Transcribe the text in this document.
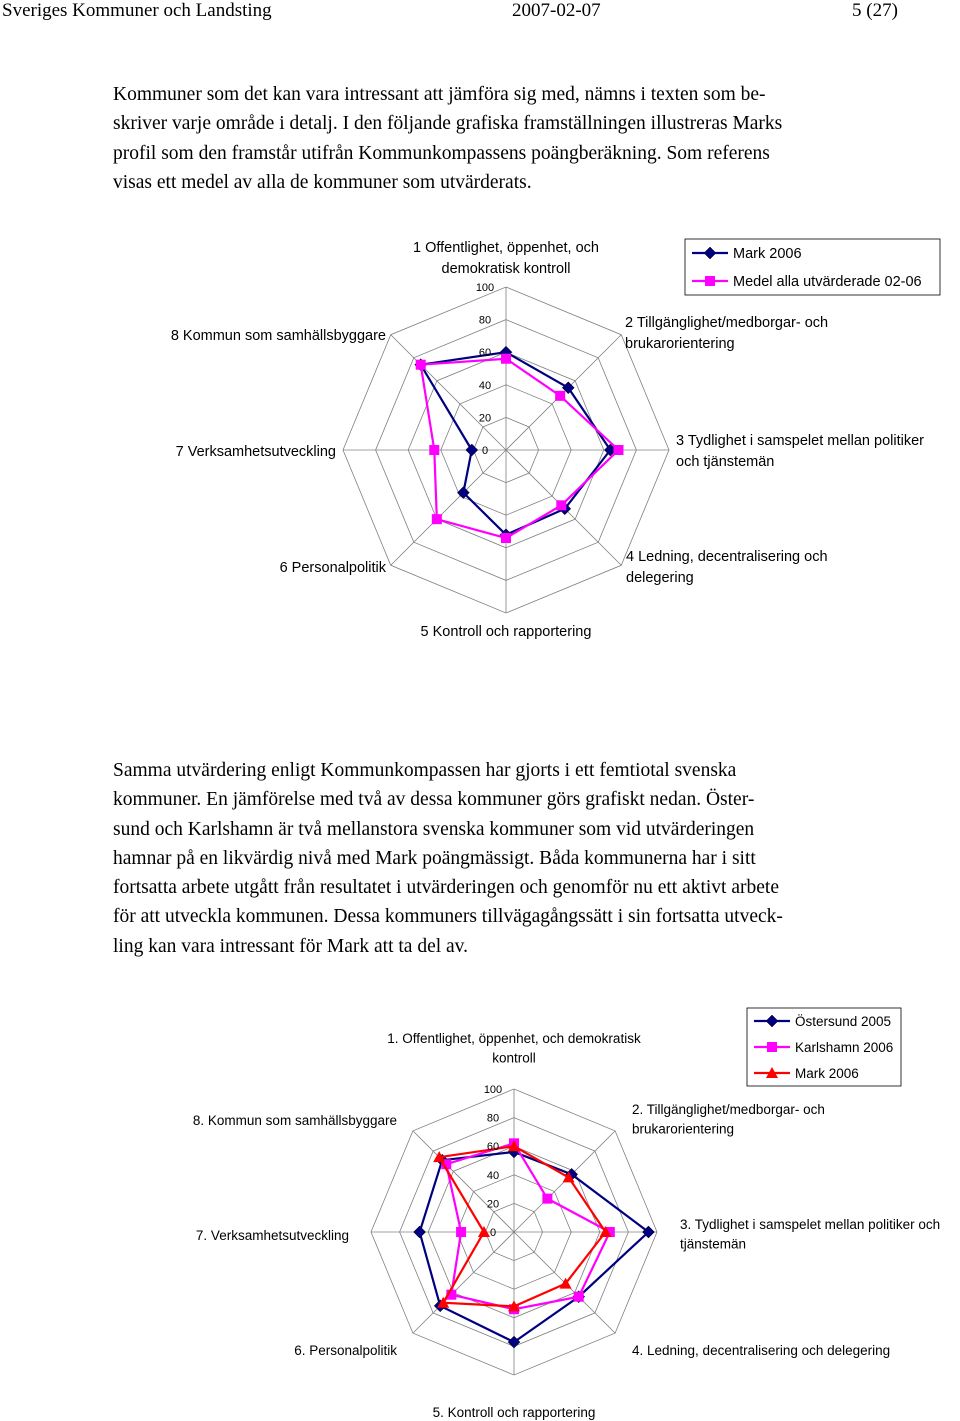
Sveriges Kommuner och Landsting	2007-02-07	5 (27)

Kommuner som det kan vara intressant att jämföra sig med, nämns i texten som be-
skriver varje område i detalj. I den följande grafiska framställningen illustreras Marks
profil som den framstår utifrån Kommunkompassens poängberäkning. Som referens
visas ett medel av alla de kommuner som utvärderats.

0
20
40
60
80
100
1 Offentlighet, öppenhet, och demokratisk kontroll
2 Tillgänglighet/medborgar- och brukarorientering
3 Tydlighet i samspelet mellan politiker och tjänstemän
4 Ledning, decentralisering och delegering
5 Kontroll och rapportering
6 Personalpolitik
7 Verksamhetsutveckling
8 Kommun som samhällsbyggare
Mark 2006
Medel alla utvärderade 02-06

Samma utvärdering enligt Kommunkompassen har gjorts i ett femtiotal svenska
kommuner. En jämförelse med två av dessa kommuner görs grafiskt nedan. Öster-
sund och Karlshamn är två mellanstora svenska kommuner som vid utvärderingen
hamnar på en likvärdig nivå med Mark poängmässigt. Båda kommunerna har i sitt
fortsatta arbete utgått från resultatet i utvärderingen och genomför nu ett aktivt arbete
för att utveckla kommunen. Dessa kommuners tillvägagångssätt i sin fortsatta utveck-
ling kan vara intressant för Mark att ta del av.

0
20
40
60
80
100
1. Offentlighet, öppenhet, och demokratisk kontroll
2. Tillgänglighet/medborgar- och brukarorientering
3. Tydlighet i samspelet mellan politiker och tjänstemän
4. Ledning, decentralisering och delegering
5. Kontroll och rapportering
6. Personalpolitik
7. Verksamhetsutveckling
8. Kommun som samhällsbyggare
Östersund 2005
Karlshamn 2006
Mark 2006
